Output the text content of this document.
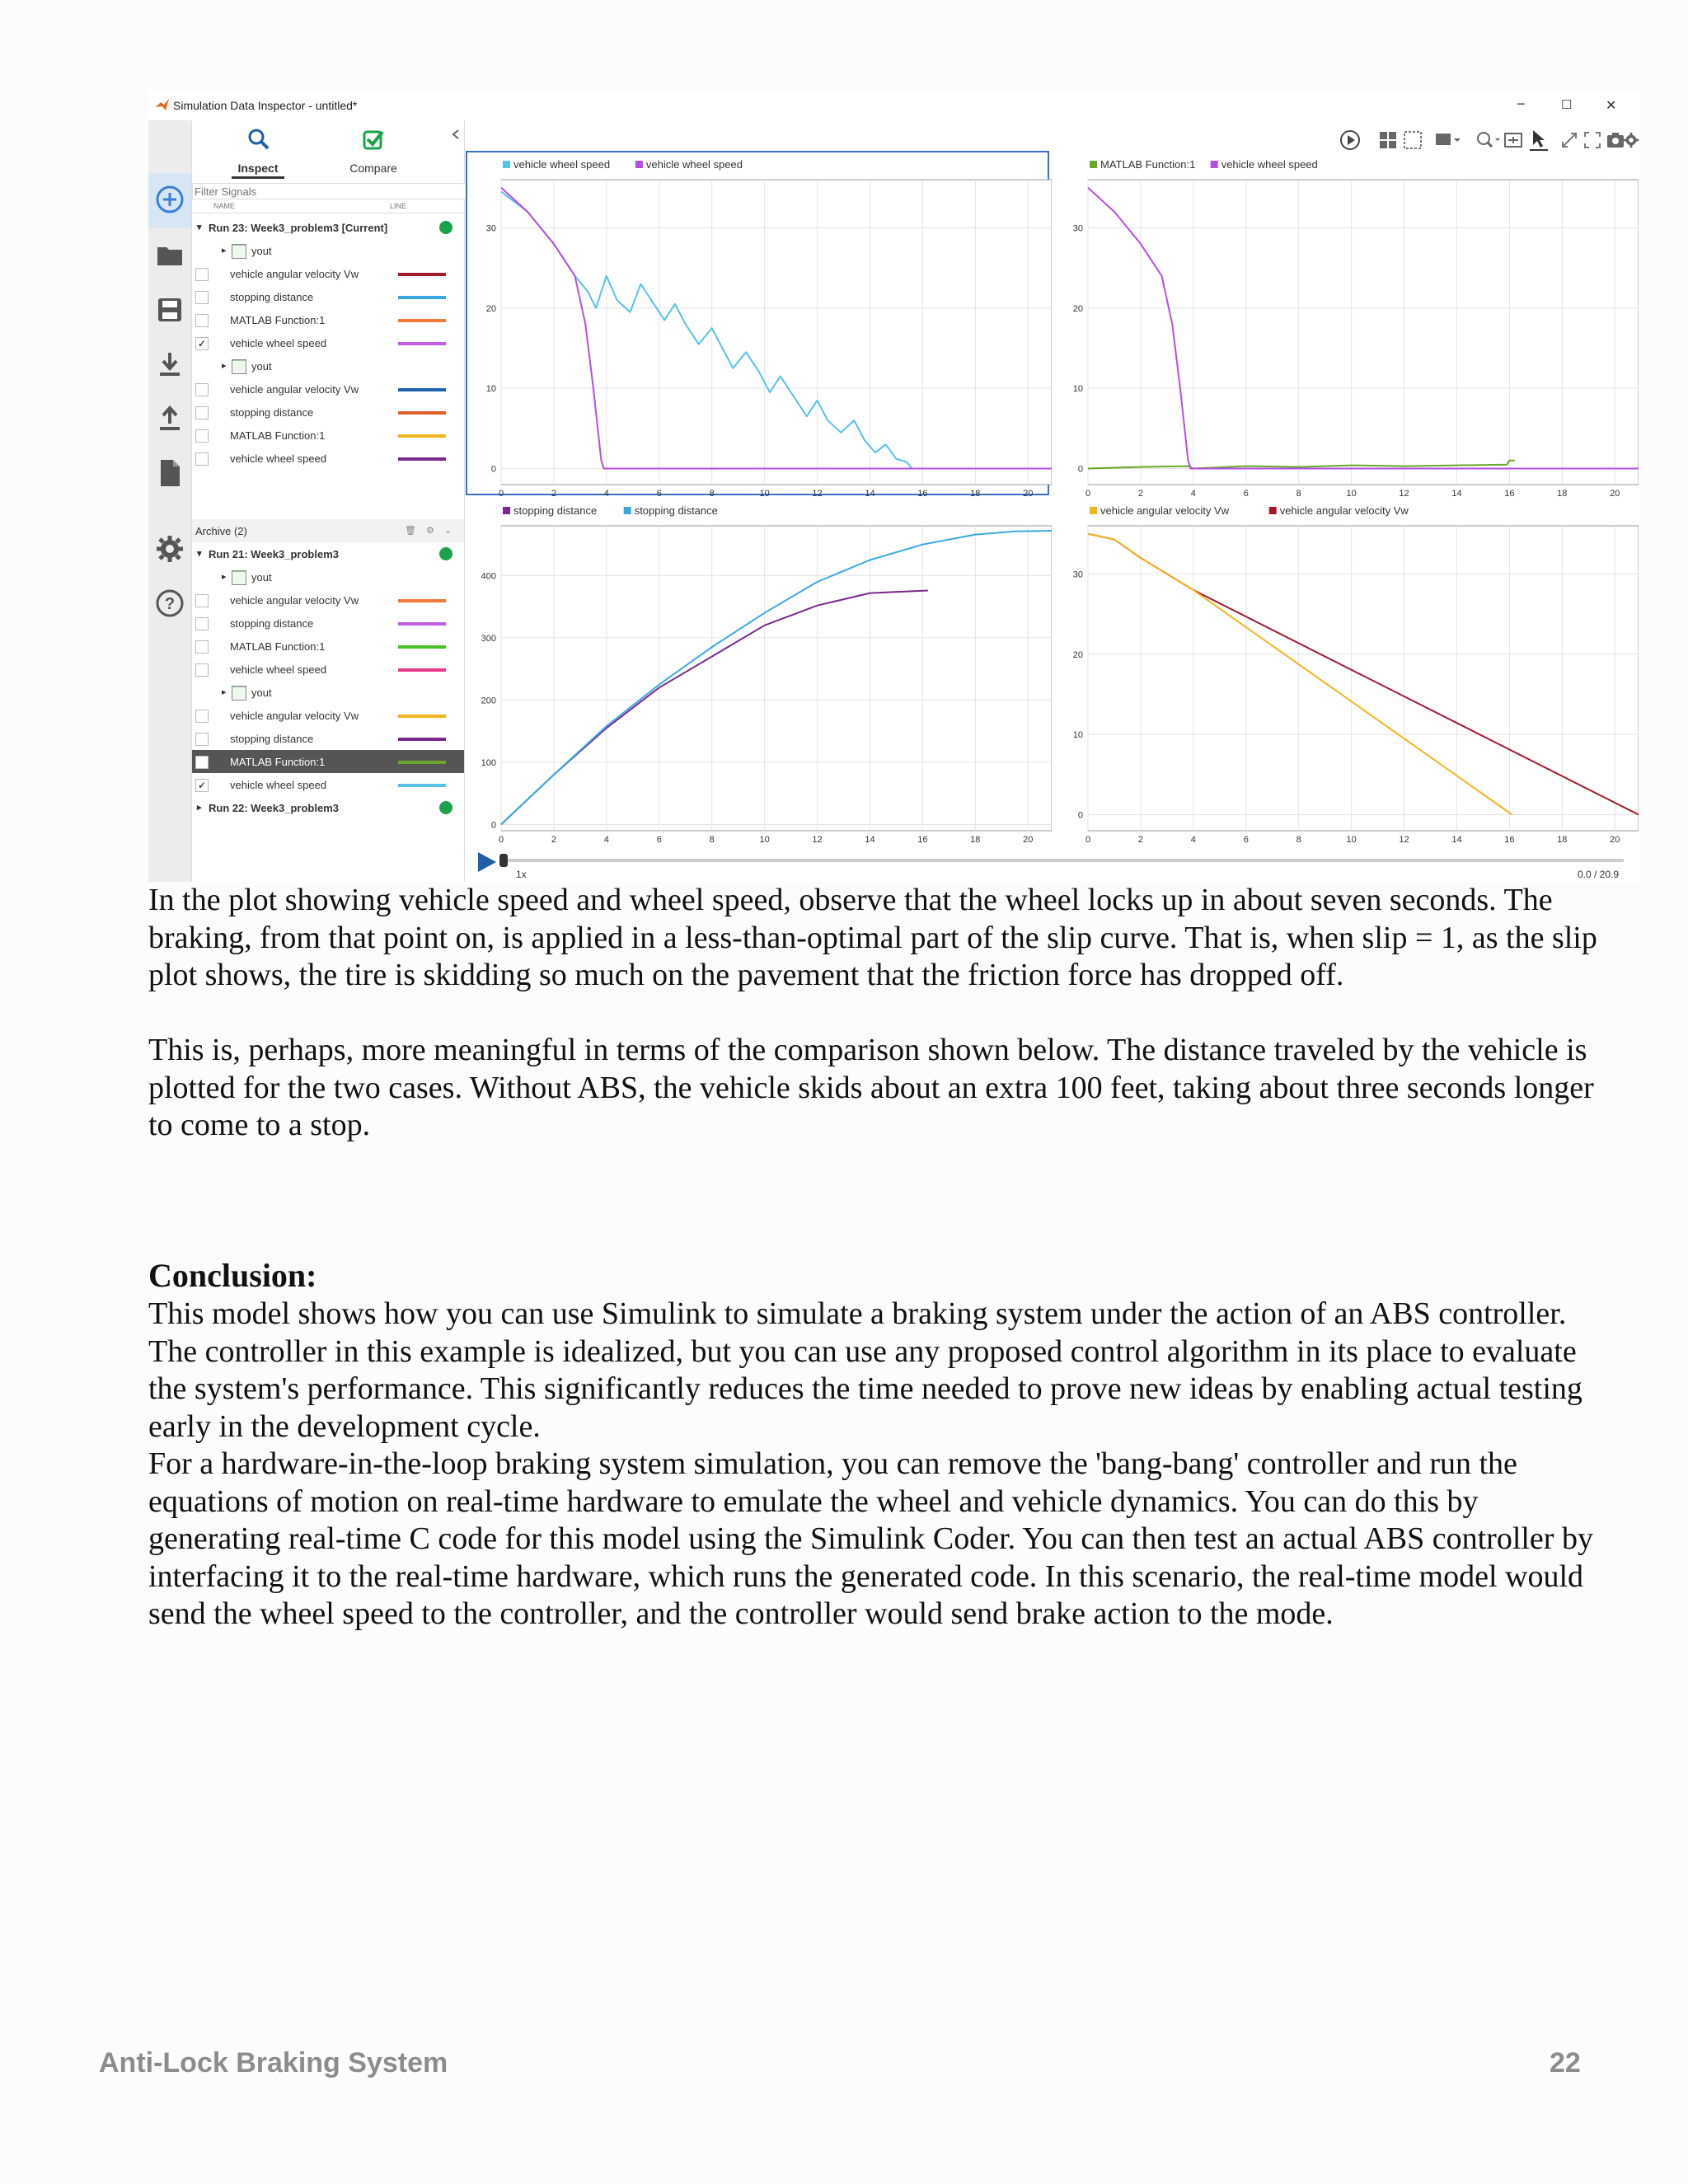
Simulation Data Inspector - untitled*	−	☐	✕
?
Inspect	Compare
Filter Signals
NAME	LINE
▾ Run 23: Week3_problem3 [Current]
▸ yout
vehicle angular velocity Vw
stopping distance
MATLAB Function:1
✓ vehicle wheel speed
▸ yout
vehicle angular velocity Vw
stopping distance
MATLAB Function:1
vehicle wheel speed
Archive (2)	🗑 ⚙ ⌄
▾ Run 21: Week3_problem3
▸ yout
vehicle angular velocity Vw
stopping distance
MATLAB Function:1
vehicle wheel speed
▸ yout
vehicle angular velocity Vw
stopping distance
MATLAB Function:1
✓ vehicle wheel speed
▸ Run 22: Week3_problem3
vehicle wheel speed	vehicle wheel speed
0	2	4	6	8	10	12	14	16	18	20
0
10
20
30
MATLAB Function:1 vehicle wheel speed
0	2	4	6	8	10	12	14	16	18	20
0
10
20
30
stopping distance	stopping distance
0	2	4	6	8	10	12	14	16	18	20
0
100
200
300
400
vehicle angular velocity Vw	vehicle angular velocity Vw
0	2	4	6	8	10	12	14	16	18	20
0
10
20
30
1x	0.0 / 20.9
In the plot showing vehicle speed and wheel speed, observe that the wheel locks up in about seven seconds. The braking, from that point on, is applied in a less-than-optimal part of the slip curve. That is, when slip = 1, as the slip plot shows, the tire is skidding so much on the pavement that the friction force has dropped off.
This is, perhaps, more meaningful in terms of the comparison shown below. The distance traveled by the vehicle is plotted for the two cases. Without ABS, the vehicle skids about an extra 100 feet, taking about three seconds longer to come to a stop.
Conclusion:
This model shows how you can use Simulink to simulate a braking system under the action of an ABS controller. The controller in this example is idealized, but you can use any proposed control algorithm in its place to evaluate the system's performance. This significantly reduces the time needed to prove new ideas by enabling actual testing early in the development cycle.
For a hardware-in-the-loop braking system simulation, you can remove the 'bang-bang' controller and run the equations of motion on real-time hardware to emulate the wheel and vehicle dynamics. You can do this by generating real-time C code for this model using the Simulink Coder. You can then test an actual ABS controller by interfacing it to the real-time hardware, which runs the generated code. In this scenario, the real-time model would send the wheel speed to the controller, and the controller would send brake action to the mode.
Anti-Lock Braking System	22
